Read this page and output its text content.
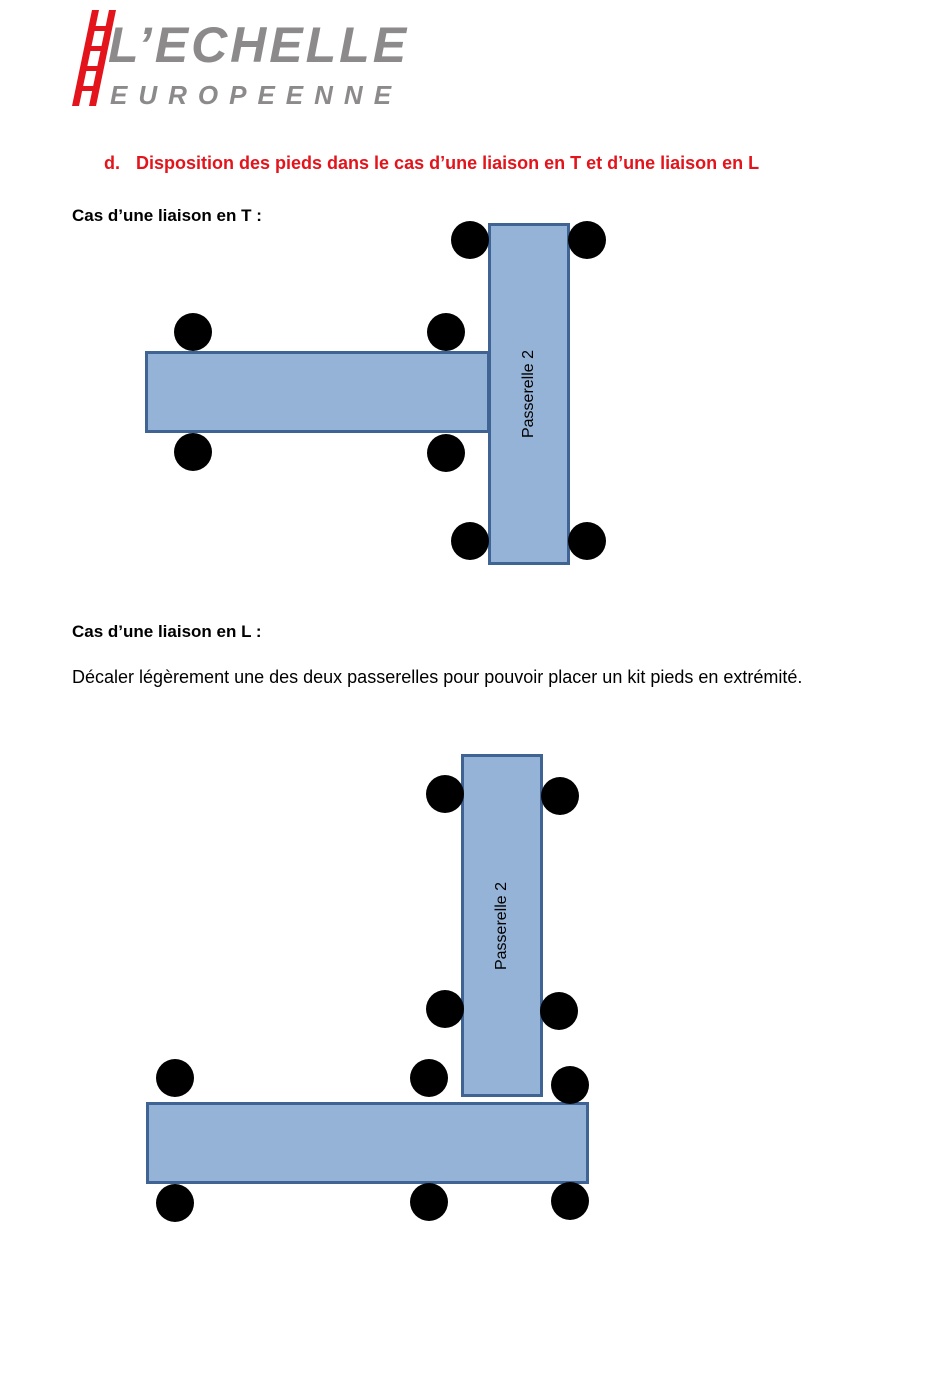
L’ECHELLE
EUROPEENNE
d. Disposition des pieds dans le cas d’une liaison en T et d’une liaison en L
Cas d’une liaison en T :
Passerelle 2
Cas d’une liaison en L :
Décaler légèrement une des deux passerelles pour pouvoir placer un kit pieds en extrémité.
Passerelle 2
